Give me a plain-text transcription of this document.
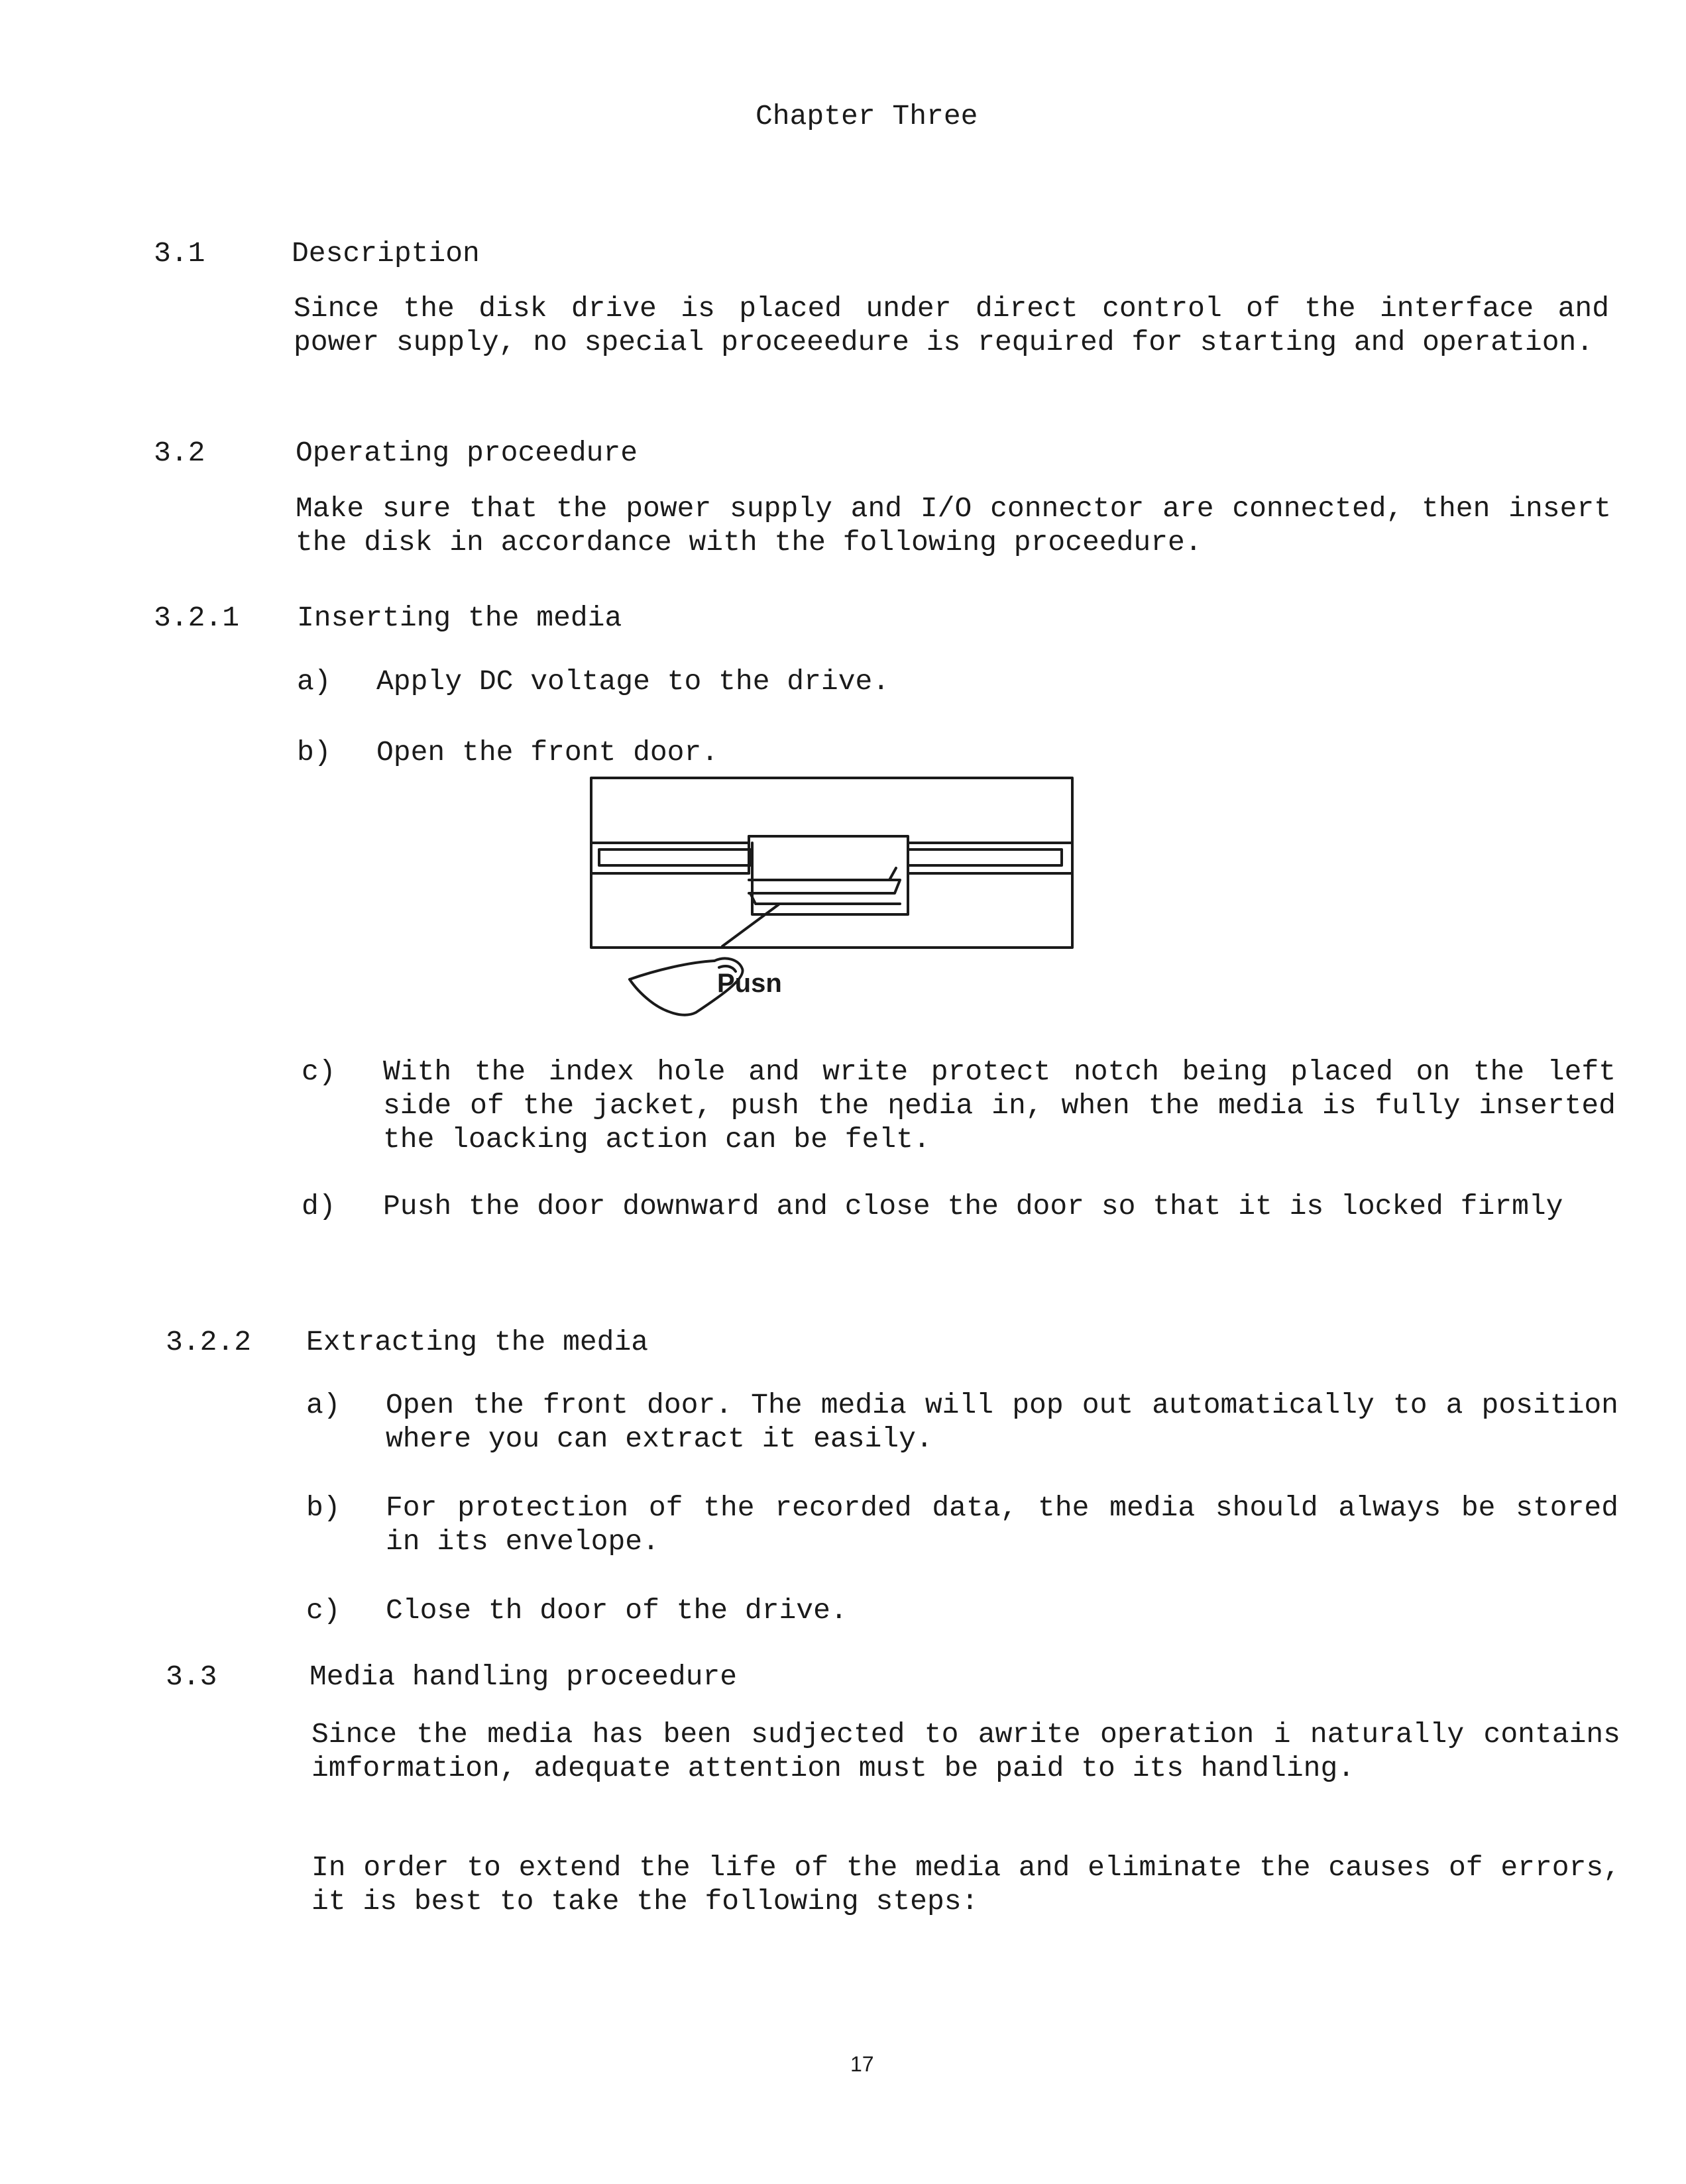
Chapter Three
3.1	Description
Since the disk drive is placed under direct control of the interface and power supply, no special proceeedure is required for starting and operation.
3.2	Operating proceedure
Make sure that the power supply and I/O connector are connected, then insert the disk in accordance with the following proceedure.
3.2.1 Inserting the media
a) Apply DC voltage to the drive.
b) Open the front door.
Pusn
c) With the index hole and write protect notch being placed on the left side of the jacket, push the ηedia in, when the media is fully inserted the loacking action can be felt.
d) Push the door downward and close the door so that it is locked firmly
3.2.2 Extracting the media
a) Open the front door. The media will pop out automatically to a position where you can extract it easily.
b) For protection of the recorded data, the media should always be stored in its envelope.
c) Close th door of the drive.
3.3	Media handling proceedure
Since the media has been sudjected to awrite operation i naturally contains imformation, adequate attention must be paid to its handling.
In order to extend the life of the media and eliminate the causes of errors, it is best to take the following steps:
17
